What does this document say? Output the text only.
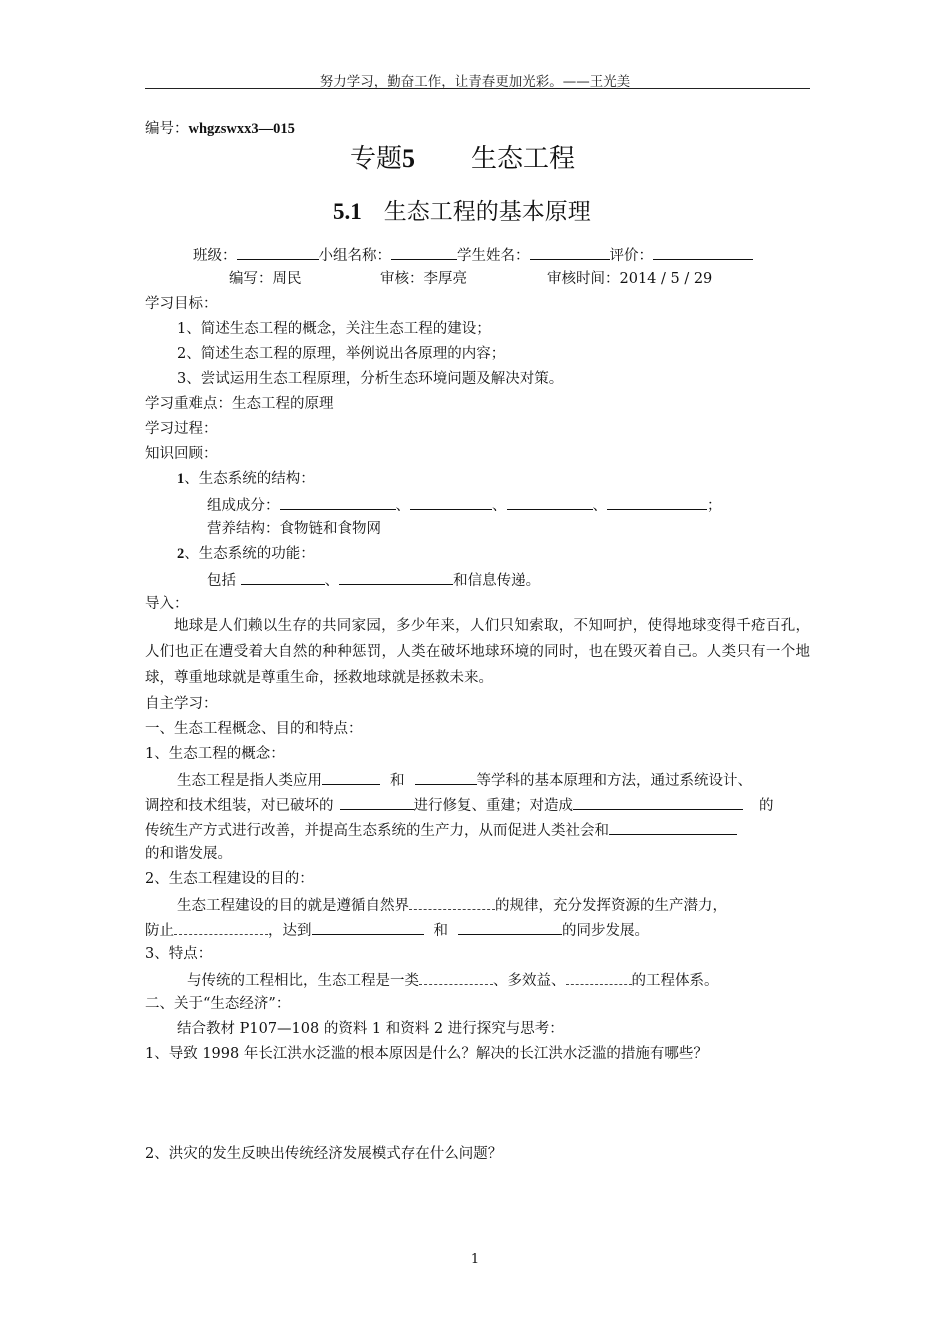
努力学习，勤奋工作，让青春更加光彩。——王光美
编号：whgzswxx3—015
专题5 生态工程
5.1 生态工程的基本原理
班级：	小组名称：	学生姓名：	评价：
编写：周民	审核：李厚亮	审核时间：2014 / 5 / 29
学习目标：
1、简述生态工程的概念，关注生态工程的建设；
2、简述生态工程的原理，举例说出各原理的内容；
3、尝试运用生态工程原理，分析生态环境问题及解决对策。
学习重难点：生态工程的原理
学习过程：
知识回顾：
1、生态系统的结构：
组成成分：	、	、	、	；
营养结构：食物链和食物网
2、生态系统的功能：
包括	、	和信息传递。
导入：
地球是人们赖以生存的共同家园，多少年来，人们只知索取，不知呵护，使得地球变得千疮百孔，人们也正在遭受着大自然的种种惩罚，人类在破坏地球环境的同时，也在毁灭着自己。人类只有一个地球，尊重地球就是尊重生命，拯救地球就是拯救未来。
自主学习：
一、生态工程概念、目的和特点：
1、生态工程的概念：
生态工程是指人类应用	和	等学科的基本原理和方法，通过系统设计、
调控和技术组装，对已破坏的	进行修复、重建；对造成	的
传统生产方式进行改善，并提高生态系统的生产力，从而促进人类社会和
的和谐发展。
2、生态工程建设的目的：
生态工程建设的目的就是遵循自然界	的规律，充分发挥资源的生产潜力，
防止	，达到	和	的同步发展。
3、特点：
与传统的工程相比，生态工程是一类	、多效益、	的工程体系。
二、关于“生态经济”：
结合教材 P107—108 的资料 1 和资料 2 进行探究与思考：
1、导致 1998 年长江洪水泛滥的根本原因是什么？解决的长江洪水泛滥的措施有哪些？
2、洪灾的发生反映出传统经济发展模式存在什么问题？
1
